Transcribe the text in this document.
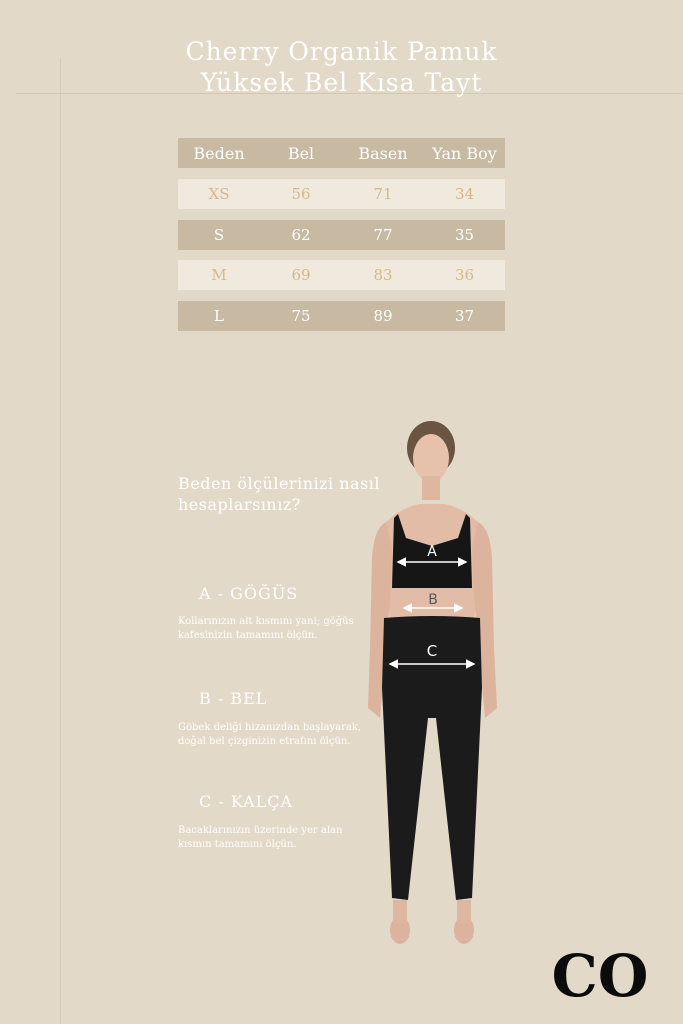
Cherry Organik Pamuk
Yüksek Bel Kısa Tayt
Beden	Bel	Basen	Yan Boy
XS	56	71	34
S	62	77	35
M	69	83	36
L	75	89	37
Beden ölçülerinizi nasıl hesaplarsınız?
A - GÖĞÜS
Kollarınızın alt kısmını yani; göğüs kafesinizin tamamını ölçün.
B - BEL
Göbek deliği hizanızdan başlayarak, doğal bel çizginizin etrafını ölçün.
C - KALÇA
Bacaklarınızın üzerinde yer alan kısmın tamamını ölçün.
A
B
C
CO
